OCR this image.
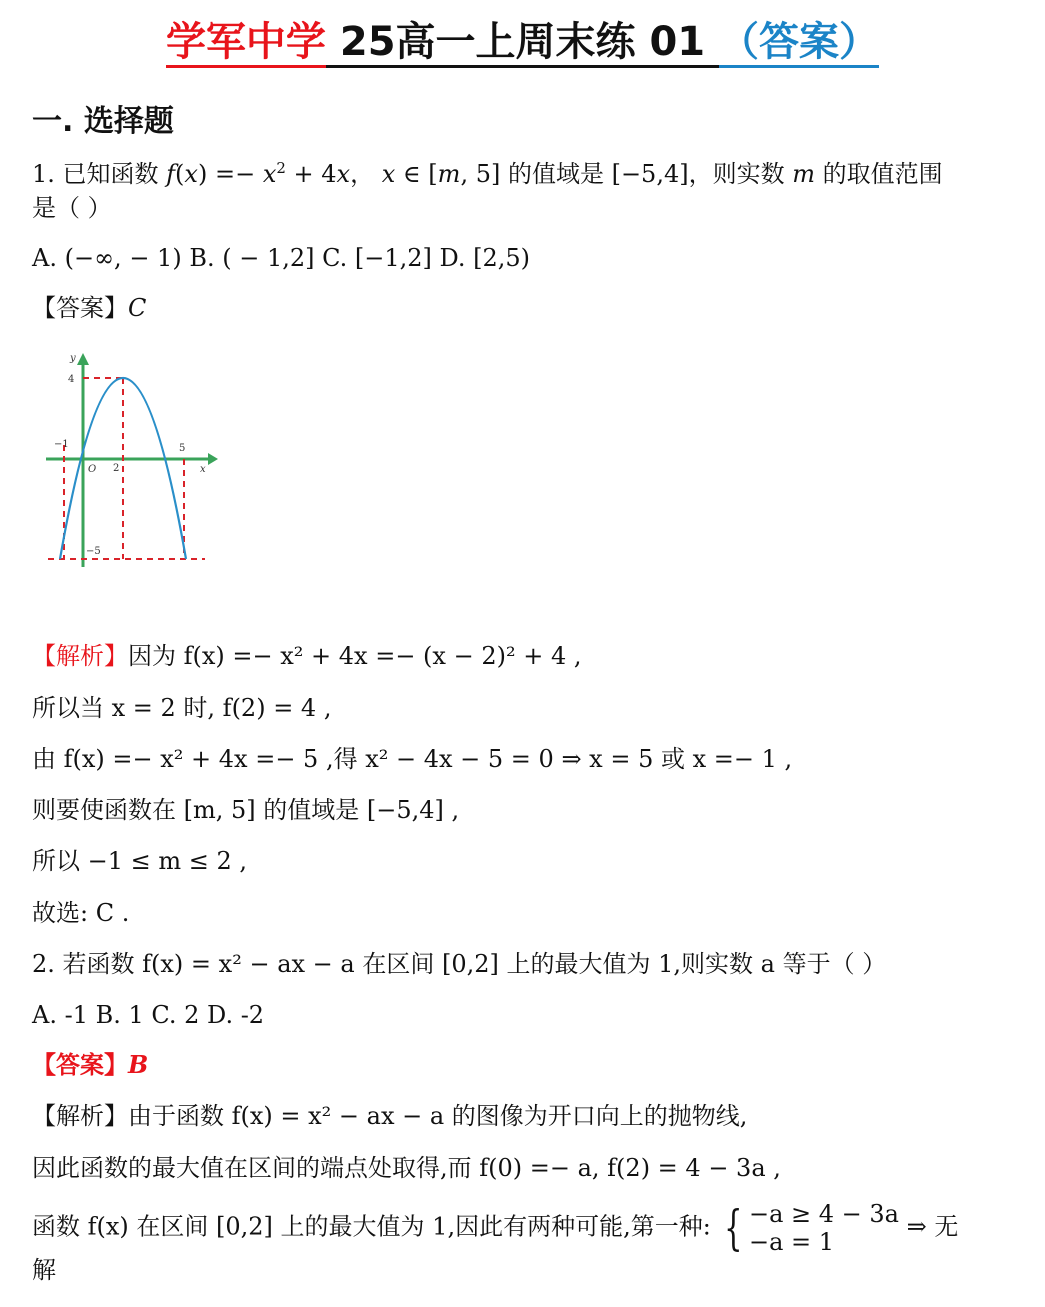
学军中学 25高一上周末练 01 （答案）
一. 选择题
1. 已知函数 $f(x) =- x^2 + 4x$， x ∈ [m, 5] 的值域是 [−5,4]，则实数 m 的取值范围
是（ ）
A. (−∞, − 1) B. ( − 1,2] C. [−1,2] D. [2,5)
【答案】C
y
x
O
4
−1
2
5
−5
【解析】因为 f(x) =− x² + 4x =− (x − 2)² + 4 ,
所以当 x = 2 时, f(2) = 4 ,
由 f(x) =− x² + 4x =− 5 ,得 x² − 4x − 5 = 0 ⇒ x = 5 或 x =− 1 ,
则要使函数在 [m, 5] 的值域是 [−5,4] ,
所以 −1 ≤ m ≤ 2 ,
故选: C .
2. 若函数 f(x) = x² − ax − a 在区间 [0,2] 上的最大值为 1,则实数 a 等于（ ）
A. -1 B. 1 C. 2 D. -2
【答案】B
【解析】由于函数 f(x) = x² − ax − a 的图像为开口向上的抛物线,
因此函数的最大值在区间的端点处取得,而 f(0) =− a, f(2) = 4 − 3a ,
函数 f(x) 在区间 [0,2] 上的最大值为 1,因此有两种可能,第一种: { −a ≥ 4 − 3a
−a = 1 ⇒ 无
解
